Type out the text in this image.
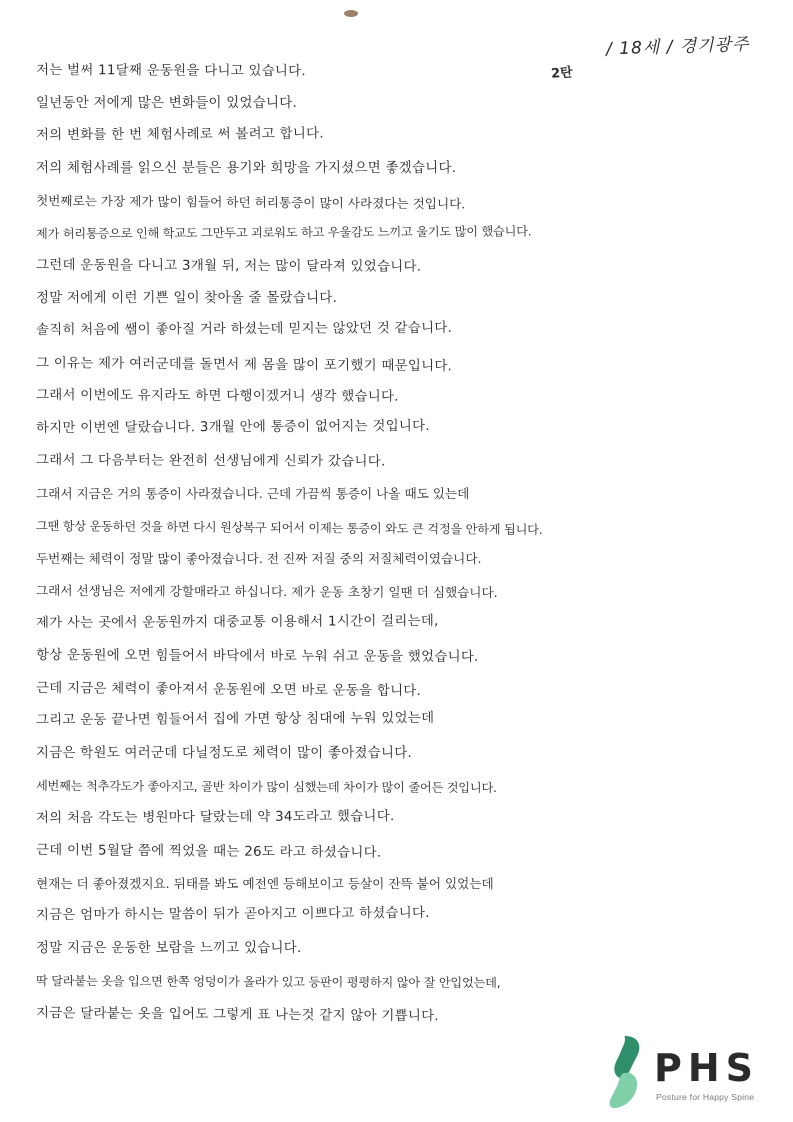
/ 18세 / 경기광주
2탄
저는 벌써 11달째 운동원을 다니고 있습니다.
일년동안 저에게 많은 변화들이 있었습니다.
저의 변화를 한 번 체험사례로 써 볼려고 합니다.
저의 체험사례를 읽으신 분들은 용기와 희망을 가지셨으면 좋겠습니다.
첫번째로는 가장 제가 많이 힘들어 하던 허리통증이 많이 사라졌다는 것입니다.
제가 허리통증으로 인해 학교도 그만두고 괴로워도 하고 우울감도 느끼고 울기도 많이 했습니다.
그런데 운동원을 다니고 3개월 뒤, 저는 많이 달라져 있었습니다.
정말 저에게 이런 기쁜 일이 찾아올 줄 몰랐습니다.
솔직히 처음에 쌤이 좋아질 거라 하셨는데 믿지는 않았던 것 같습니다.
그 이유는 제가 여러군데를 돌면서 제 몸을 많이 포기했기 때문입니다.
그래서 이번에도 유지라도 하면 다행이겠거니 생각 했습니다.
하지만 이번엔 달랐습니다. 3개월 안에 통증이 없어지는 것입니다.
그래서 그 다음부터는 완전히 선생님에게 신뢰가 갔습니다.
그래서 지금은 거의 통증이 사라졌습니다. 근데 가끔씩 통증이 나올 때도 있는데
그땐 항상 운동하던 것을 하면 다시 원상복구 되어서 이제는 통증이 와도 큰 걱정을 안하게 됩니다.
두번째는 체력이 정말 많이 좋아졌습니다. 전 진짜 저질 중의 저질체력이였습니다.
그래서 선생님은 저에게 강할매라고 하십니다. 제가 운동 초창기 일땐 더 심했습니다.
제가 사는 곳에서 운동원까지 대중교통 이용해서 1시간이 걸리는데,
항상 운동원에 오면 힘들어서 바닥에서 바로 누워 쉬고 운동을 했었습니다.
근데 지금은 체력이 좋아져서 운동원에 오면 바로 운동을 합니다.
그리고 운동 끝나면 힘들어서 집에 가면 항상 침대에 누워 있었는데
지금은 학원도 여러군데 다닐정도로 체력이 많이 좋아졌습니다.
세번째는 척추각도가 좋아지고, 골반 차이가 많이 심했는데 차이가 많이 줄어든 것입니다.
저의 처음 각도는 병원마다 달랐는데 약 34도라고 했습니다.
근데 이번 5월달 쯤에 찍었을 때는 26도 라고 하셨습니다.
현재는 더 좋아졌겠지요. 뒤태를 봐도 예전엔 등해보이고 등살이 잔뜩 붙어 있었는데
지금은 엄마가 하시는 말씀이 뒤가 곧아지고 이쁘다고 하셨습니다.
정말 지금은 운동한 보람을 느끼고 있습니다.
딱 달라붙는 옷을 입으면 한쪽 엉덩이가 올라가 있고 등판이 평평하지 않아 잘 안입었는데,
지금은 달라붙는 옷을 입어도 그렇게 표 나는것 같지 않아 기쁩니다.
PHS
Posture for Happy Spine
